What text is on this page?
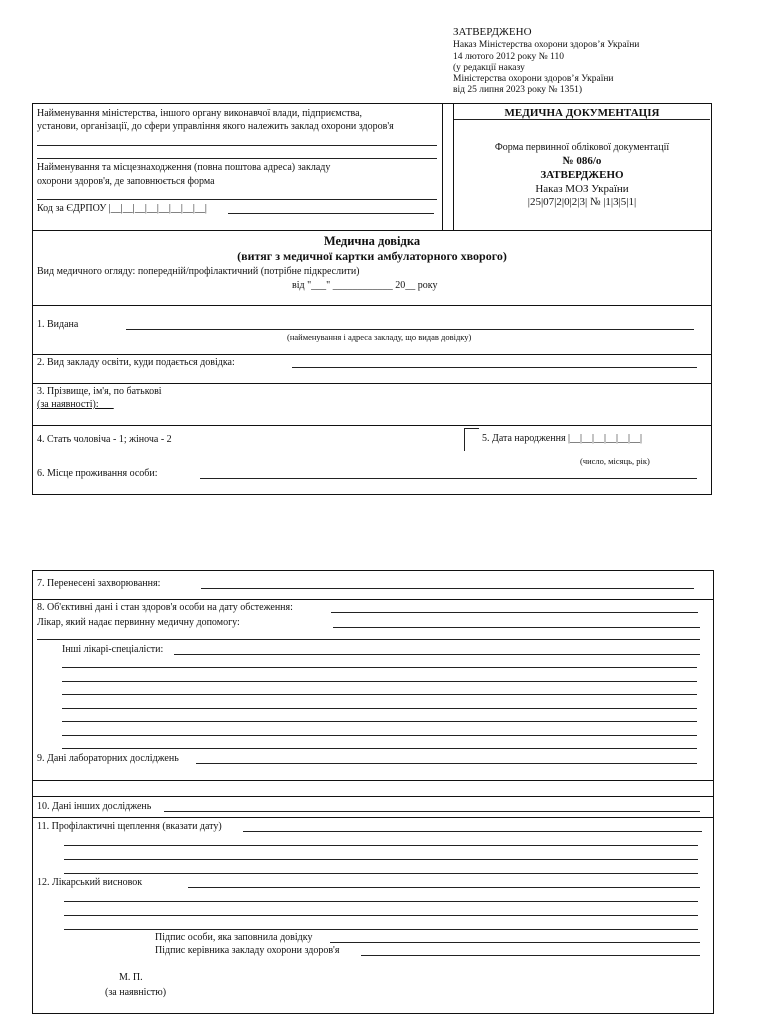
ЗАТВЕРДЖЕНО
Наказ Міністерства охорони здоров’я України
14 лютого 2012 року № 110
(у редакції наказу
Міністерства охорони здоров’я України
від 25 липня 2023 року № 1351)
Найменування міністерства, іншого органу виконавчої влади, підприємства,
установи, організації, до сфери управління якого належить заклад охорони здоров'я
Найменування та місцезнаходження (повна поштова адреса) закладу
охорони здоров'я, де заповнюється форма
Код за ЄДРПОУ |__|__|__|__|__|__|__|__|
МЕДИЧНА ДОКУМЕНТАЦІЯ
Форма первинної облікової документації
№ 086/о
ЗАТВЕРДЖЕНО
Наказ МОЗ України
|25|07|2|0|2|3| № |1|3|5|1|
Медична довідка
(витяг з медичної картки амбулаторного хворого)
Вид медичного огляду: попередній/профілактичний (потрібне підкреслити)
від "___" ____________ 20__ року
1. Видана
(найменування і адреса закладу, що видав довідку)
2. Вид закладу освіти, куди подається довідка:
3. Прізвище, ім'я, по батькові
(за наявності):___
4. Стать чоловіча - 1; жіноча - 2	5. Дата народження |__|__|__|__|__|__|
(число, місяць, рік)
6. Місце проживання особи:
7. Перенесені захворювання:
8. Об'єктивні дані і стан здоров'я особи на дату обстеження:
Лікар, який надає первинну медичну допомогу:
Інші лікарі-спеціалісти:
9. Дані лабораторних досліджень
10. Дані інших досліджень
11. Профілактичні щеплення (вказати дату)
12. Лікарський висновок
Підпис особи, яка заповнила довідку
Підпис керівника закладу охорони здоров'я
М. П.
(за наявністю)
